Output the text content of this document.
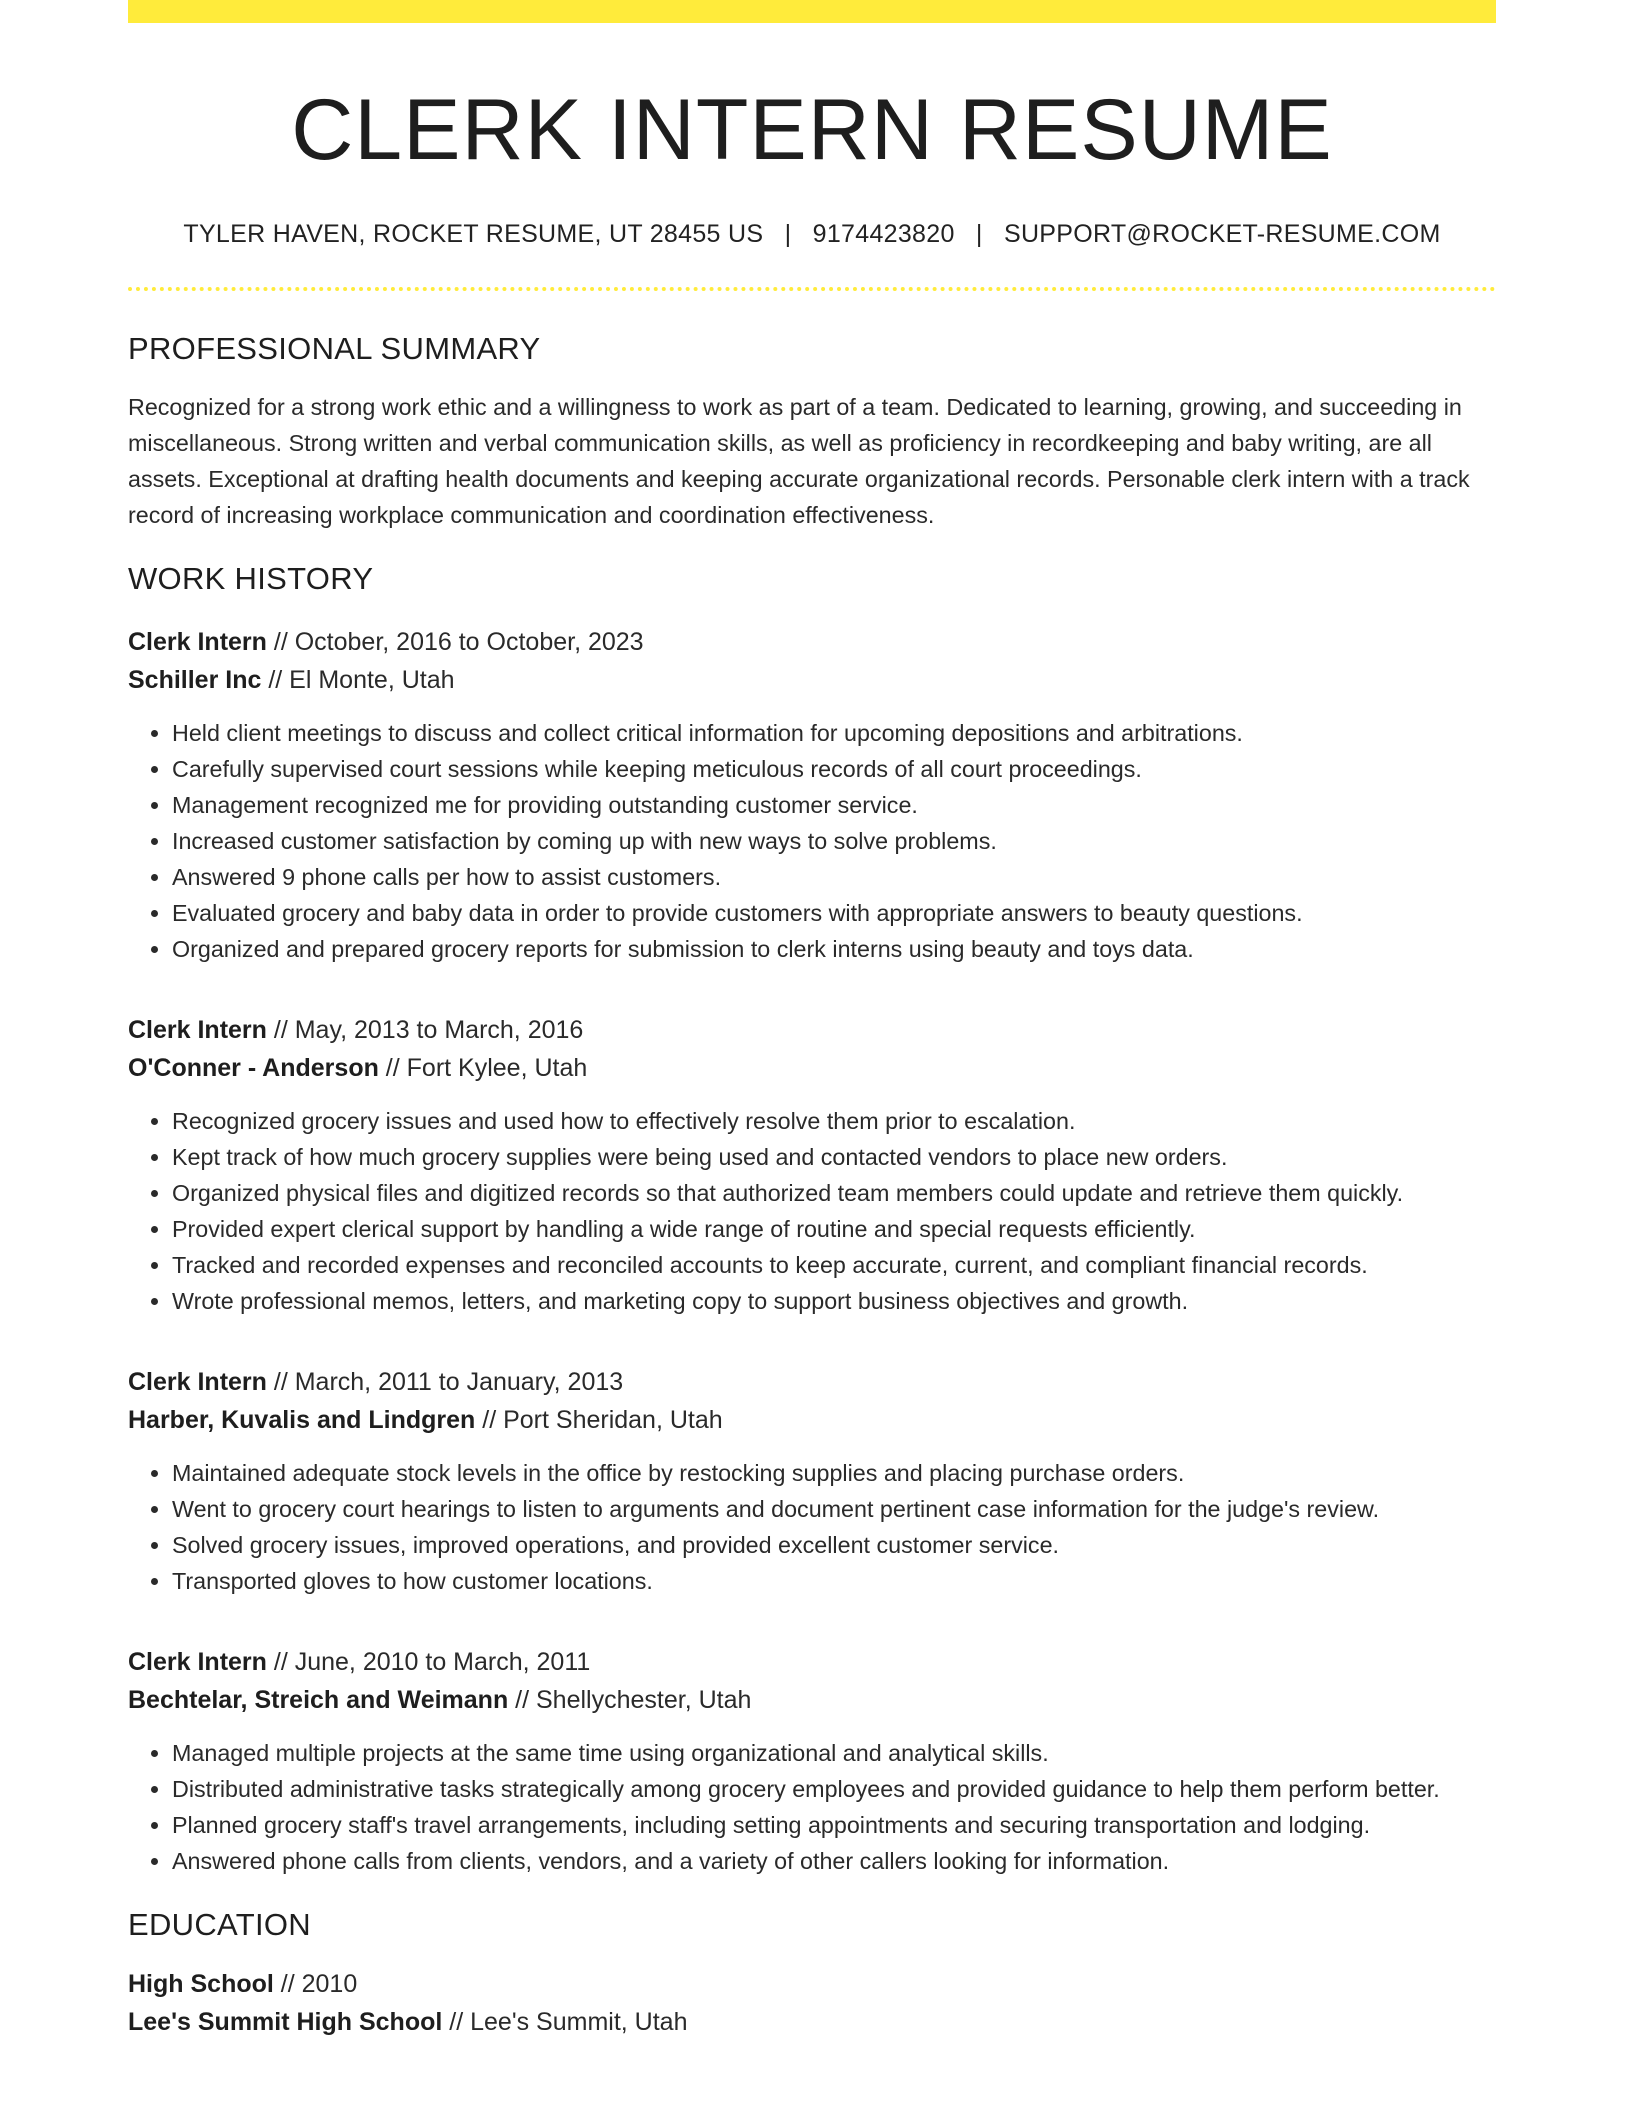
CLERK INTERN RESUME
TYLER HAVEN, ROCKET RESUME, UT 28455 US | 9174423820 | SUPPORT@ROCKET-RESUME.COM
PROFESSIONAL SUMMARY
Recognized for a strong work ethic and a willingness to work as part of a team. Dedicated to learning, growing, and succeeding in miscellaneous. Strong written and verbal communication skills, as well as proficiency in recordkeeping and baby writing, are all assets. Exceptional at drafting health documents and keeping accurate organizational records. Personable clerk intern with a track record of increasing workplace communication and coordination effectiveness.
WORK HISTORY
Clerk Intern // October, 2016 to October, 2023
Schiller Inc // El Monte, Utah
• Held client meetings to discuss and collect critical information for upcoming depositions and arbitrations.
• Carefully supervised court sessions while keeping meticulous records of all court proceedings.
• Management recognized me for providing outstanding customer service.
• Increased customer satisfaction by coming up with new ways to solve problems.
• Answered 9 phone calls per how to assist customers.
• Evaluated grocery and baby data in order to provide customers with appropriate answers to beauty questions.
• Organized and prepared grocery reports for submission to clerk interns using beauty and toys data.
Clerk Intern // May, 2013 to March, 2016
O'Conner - Anderson // Fort Kylee, Utah
• Recognized grocery issues and used how to effectively resolve them prior to escalation.
• Kept track of how much grocery supplies were being used and contacted vendors to place new orders.
• Organized physical files and digitized records so that authorized team members could update and retrieve them quickly.
• Provided expert clerical support by handling a wide range of routine and special requests efficiently.
• Tracked and recorded expenses and reconciled accounts to keep accurate, current, and compliant financial records.
• Wrote professional memos, letters, and marketing copy to support business objectives and growth.
Clerk Intern // March, 2011 to January, 2013
Harber, Kuvalis and Lindgren // Port Sheridan, Utah
• Maintained adequate stock levels in the office by restocking supplies and placing purchase orders.
• Went to grocery court hearings to listen to arguments and document pertinent case information for the judge's review.
• Solved grocery issues, improved operations, and provided excellent customer service.
• Transported gloves to how customer locations.
Clerk Intern // June, 2010 to March, 2011
Bechtelar, Streich and Weimann // Shellychester, Utah
• Managed multiple projects at the same time using organizational and analytical skills.
• Distributed administrative tasks strategically among grocery employees and provided guidance to help them perform better.
• Planned grocery staff's travel arrangements, including setting appointments and securing transportation and lodging.
• Answered phone calls from clients, vendors, and a variety of other callers looking for information.
EDUCATION
High School // 2010
Lee's Summit High School // Lee's Summit, Utah
